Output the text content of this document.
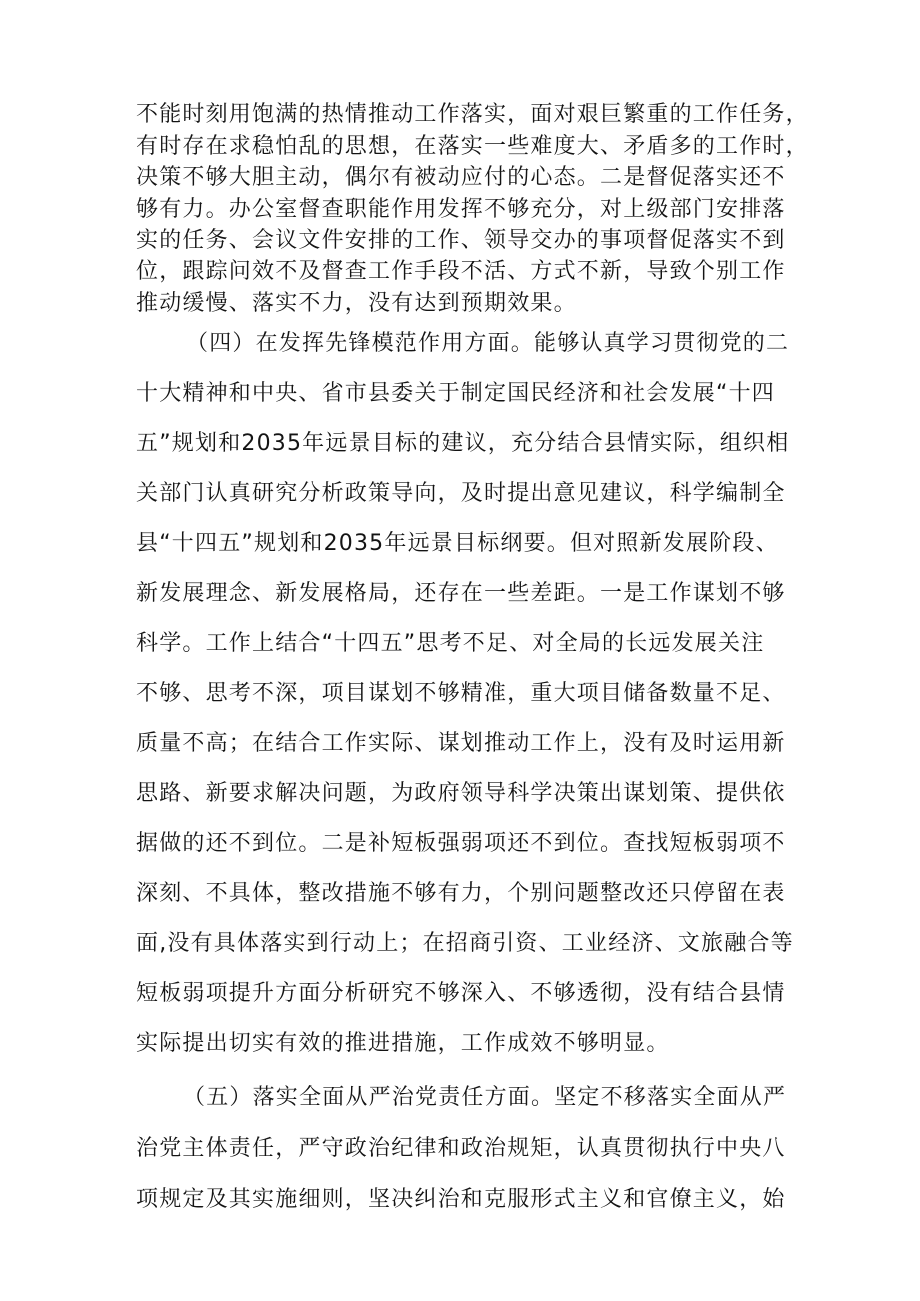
不能时刻用饱满的热情推动工作落实，面对艰巨繁重的工作任务，
有时存在求稳怕乱的思想，在落实一些难度大、矛盾多的工作时，
决策不够大胆主动，偶尔有被动应付的心态。二是督促落实还不
够有力。办公室督查职能作用发挥不够充分，对上级部门安排落
实的任务、会议文件安排的工作、领导交办的事项督促落实不到
位，跟踪问效不及督查工作手段不活、方式不新，导致个别工作
推动缓慢、落实不力，没有达到预期效果。
（四）在发挥先锋模范作用方面。能够认真学习贯彻党的二
十大精神和中央、省市县委关于制定国民经济和社会发展“十四
五”规划和2035年远景目标的建议，充分结合县情实际，组织相
关部门认真研究分析政策导向，及时提出意见建议，科学编制全
县“十四五”规划和2035年远景目标纲要。但对照新发展阶段、
新发展理念、新发展格局，还存在一些差距。一是工作谋划不够
科学。工作上结合“十四五”思考不足、对全局的长远发展关注
不够、思考不深，项目谋划不够精准，重大项目储备数量不足、
质量不高；在结合工作实际、谋划推动工作上，没有及时运用新
思路、新要求解决问题，为政府领导科学决策出谋划策、提供依
据做的还不到位。二是补短板强弱项还不到位。查找短板弱项不
深刻、不具体，整改措施不够有力，个别问题整改还只停留在表
面,没有具体落实到行动上；在招商引资、工业经济、文旅融合等
短板弱项提升方面分析研究不够深入、不够透彻，没有结合县情
实际提出切实有效的推进措施，工作成效不够明显。
（五）落实全面从严治党责任方面。坚定不移落实全面从严
治党主体责任，严守政治纪律和政治规矩，认真贯彻执行中央八
项规定及其实施细则，坚决纠治和克服形式主义和官僚主义，始
